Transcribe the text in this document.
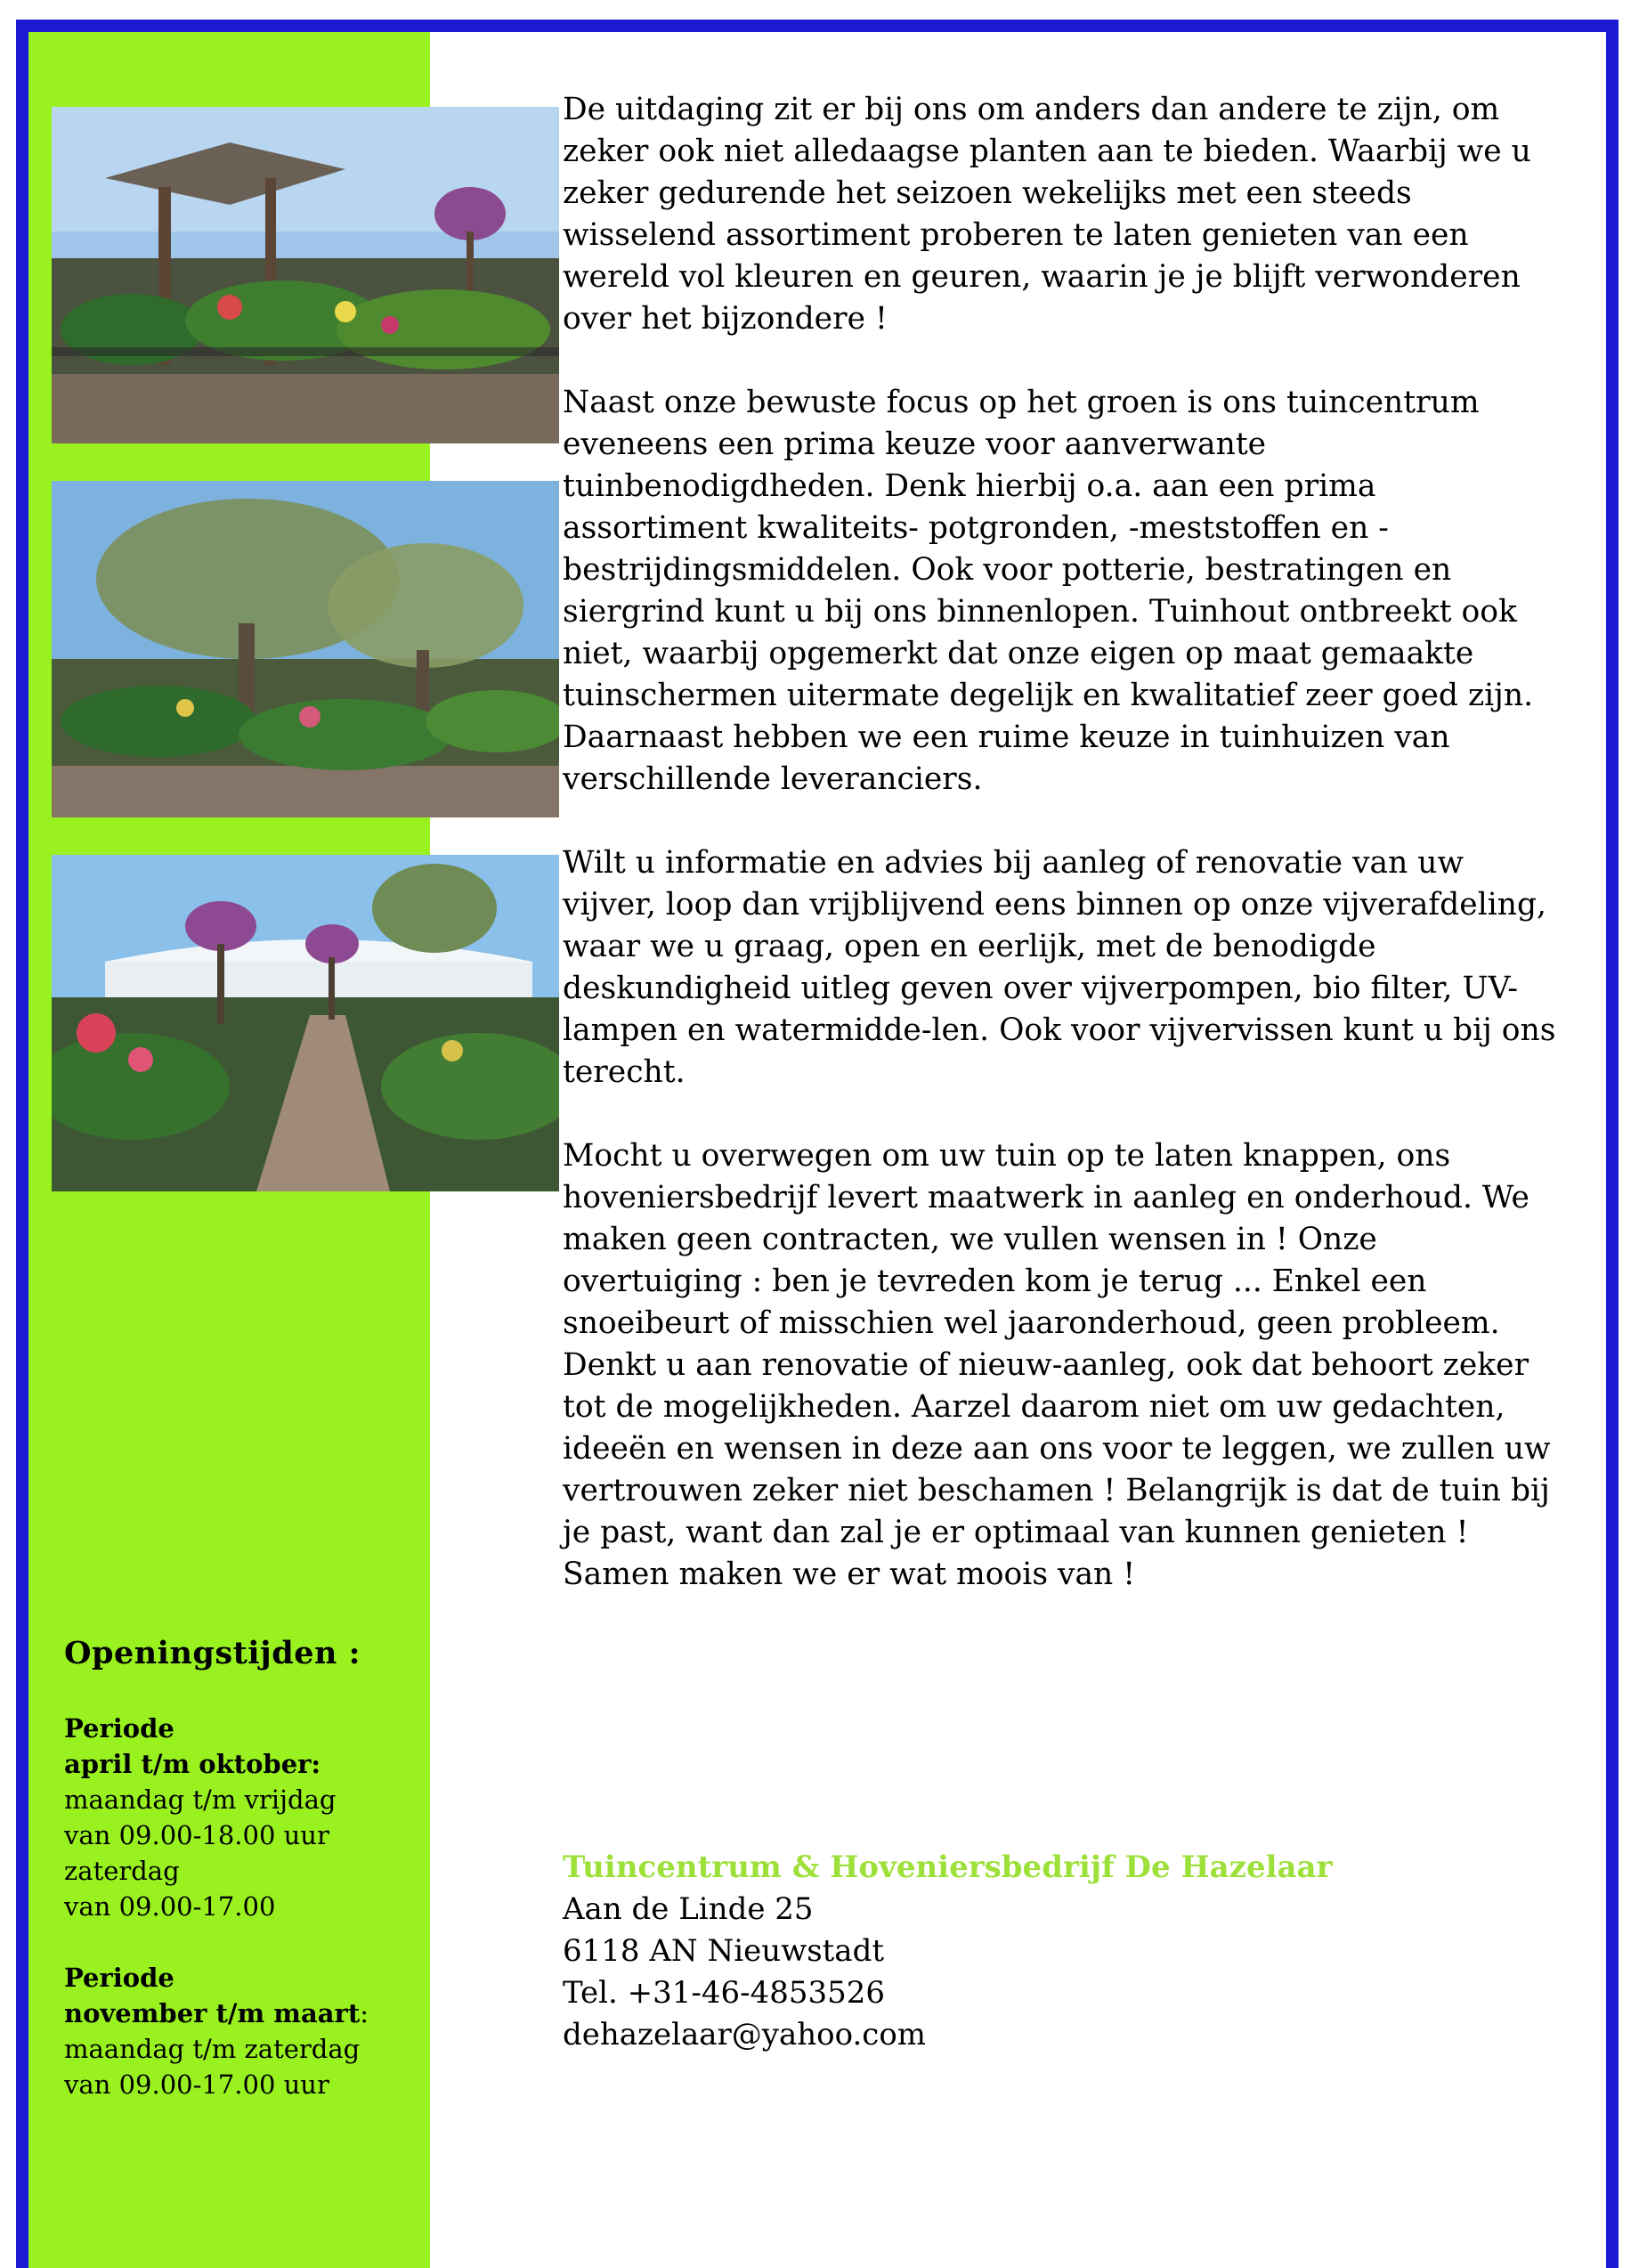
Openingstijden :

Periode

april t/m oktober:

maandag t/m vrijdag

van 09.00-18.00 uur

zaterdag

van 09.00-17.00

Periode

november t/m maart:

maandag t/m zaterdag

van 09.00-17.00 uur

De uitdaging zit er bij ons om anders dan andere te zijn, om zeker ook niet alledaagse planten aan te bieden. Waarbij we u zeker gedurende het seizoen wekelijks met een steeds wisselend assortiment proberen te laten genieten van een wereld vol kleuren en geuren, waarin je je blijft verwonderen over het bijzondere !

Naast onze bewuste focus op het groen is ons tuincentrum eveneens een prima keuze voor aanverwante tuinbenodigdheden. Denk hierbij o.a. aan een prima assortiment kwaliteits- potgronden, -meststoffen en -bestrijdingsmiddelen. Ook voor potterie, bestratingen en siergrind kunt u bij ons binnenlopen. Tuinhout ontbreekt ook niet, waarbij opgemerkt dat onze eigen op maat gemaakte tuinschermen uitermate degelijk en kwalitatief zeer goed zijn. Daarnaast hebben we een ruime keuze in tuinhuizen van verschillende leveranciers.

Wilt u informatie en advies bij aanleg of renovatie van uw vijver, loop dan vrijblijvend eens binnen op onze vijverafdeling, waar we u graag, open en eerlijk, met de benodigde deskundigheid uitleg geven over vijverpompen, bio filter, UV-lampen en watermidde-len. Ook voor vijvervissen kunt u bij ons terecht.

Mocht u overwegen om uw tuin op te laten knappen, ons hoveniersbedrijf levert maatwerk in aanleg en onderhoud. We maken geen contracten, we vullen wensen in ! Onze overtuiging : ben je tevreden kom je terug ... Enkel een snoeibeurt of misschien wel jaaronderhoud, geen probleem. Denkt u aan renovatie of nieuw-aanleg, ook dat behoort zeker tot de mogelijkheden. Aarzel daarom niet om uw gedachten, ideeën en wensen in deze aan ons voor te leggen, we zullen uw vertrouwen zeker niet beschamen ! Belangrijk is dat de tuin bij je past, want dan zal je er optimaal van kunnen genieten ! Samen maken we er wat moois van !

Tuincentrum & Hoveniersbedrijf De Hazelaar
Aan de Linde 25
6118 AN Nieuwstadt
Tel. +31-46-4853526
dehazelaar@yahoo.com
